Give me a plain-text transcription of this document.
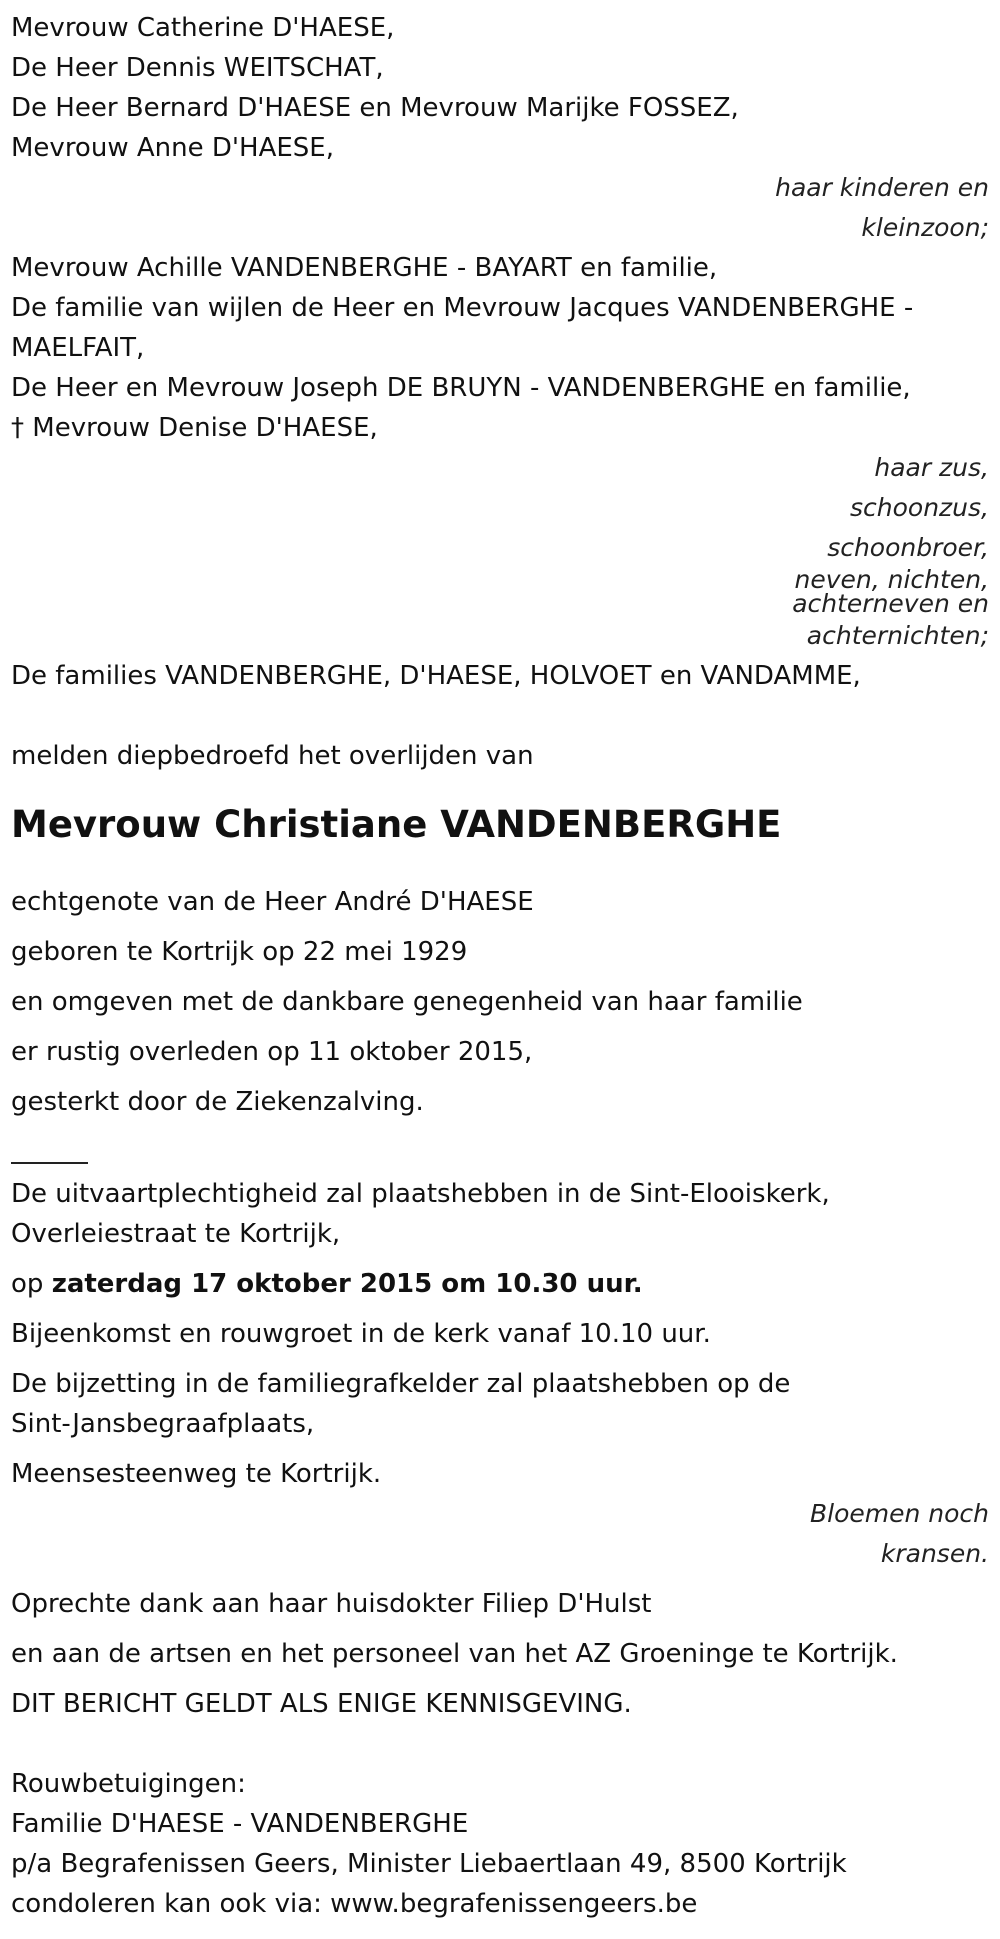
Mevrouw Catherine D'HAESE,
De Heer Dennis WEITSCHAT,
De Heer Bernard D'HAESE en Mevrouw Marijke FOSSEZ,
Mevrouw Anne D'HAESE,
haar kinderen en
kleinzoon;
Mevrouw Achille VANDENBERGHE - BAYART en familie,
De familie van wijlen de Heer en Mevrouw Jacques VANDENBERGHE -
MAELFAIT,
De Heer en Mevrouw Joseph DE BRUYN - VANDENBERGHE en familie,
† Mevrouw Denise D'HAESE,
haar zus,
schoonzus,
schoonbroer,
neven, nichten,
achterneven en
achternichten;
De families VANDENBERGHE, D'HAESE, HOLVOET en VANDAMME,
melden diepbedroefd het overlijden van
Mevrouw Christiane VANDENBERGHE
echtgenote van de Heer André D'HAESE
geboren te Kortrijk op 22 mei 1929
en omgeven met de dankbare genegenheid van haar familie
er rustig overleden op 11 oktober 2015,
gesterkt door de Ziekenzalving.
De uitvaartplechtigheid zal plaatshebben in de Sint-Elooiskerk,
Overleiestraat te Kortrijk,
op zaterdag 17 oktober 2015 om 10.30 uur.
Bijeenkomst en rouwgroet in de kerk vanaf 10.10 uur.
De bijzetting in de familiegrafkelder zal plaatshebben op de
Sint-Jansbegraafplaats,
Meensesteenweg te Kortrijk.
Bloemen noch
kransen.
Oprechte dank aan haar huisdokter Filiep D'Hulst
en aan de artsen en het personeel van het AZ Groeninge te Kortrijk.
DIT BERICHT GELDT ALS ENIGE KENNISGEVING.
Rouwbetuigingen:
Familie D'HAESE - VANDENBERGHE
p/a Begrafenissen Geers, Minister Liebaertlaan 49, 8500 Kortrijk
condoleren kan ook via: www.begrafenissengeers.be
